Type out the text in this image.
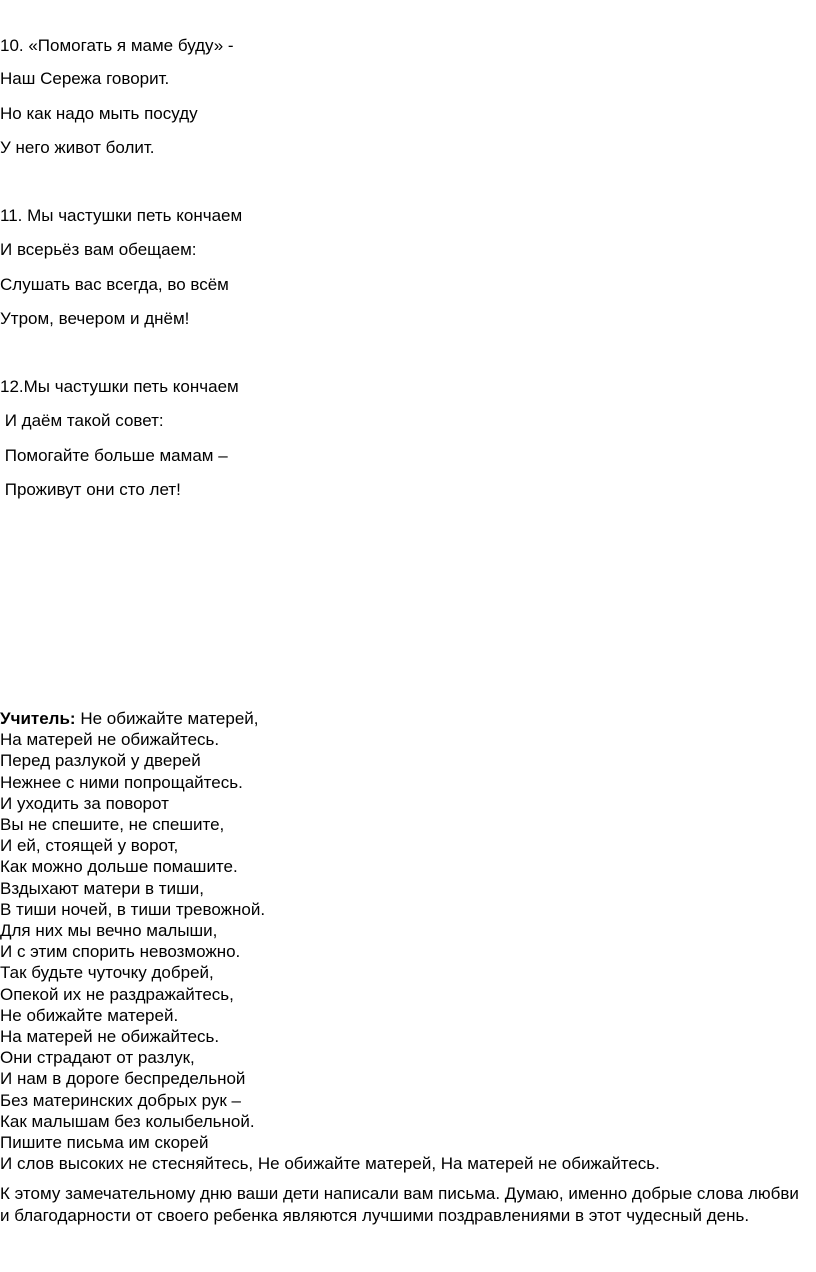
10. «Помогать я маме буду» -
Наш Сережа говорит.
Но как надо мыть посуду
У него живот болит.
11. Мы частушки петь кончаем
И всерьёз вам обещаем:
Слушать вас всегда, во всём
Утром, вечером и днём!
12.Мы частушки петь кончаем
И даём такой совет:
Помогайте больше мамам –
Проживут они сто лет!
Учитель: Не обижайте матерей,
На матерей не обижайтесь.
Перед разлукой у дверей
Нежнее с ними попрощайтесь.
И уходить за поворот
Вы не спешите, не спешите,
И ей, стоящей у ворот,
Как можно дольше помашите.
Вздыхают матери в тиши,
В тиши ночей, в тиши тревожной.
Для них мы вечно малыши,
И с этим спорить невозможно.
Так будьте чуточку добрей,
Опекой их не раздражайтесь,
Не обижайте матерей.
На матерей не обижайтесь.
Они страдают от разлук,
И нам в дороге беспредельной
Без материнских добрых рук –
Как малышам без колыбельной.
Пишите письма им скорей
И слов высоких не стесняйтесь, Не обижайте матерей, На матерей не обижайтесь.

К этому замечательному дню ваши дети написали вам письма. Думаю, именно добрые слова любви и благодарности от своего ребенка являются лучшими поздравлениями в этот чудесный день.
